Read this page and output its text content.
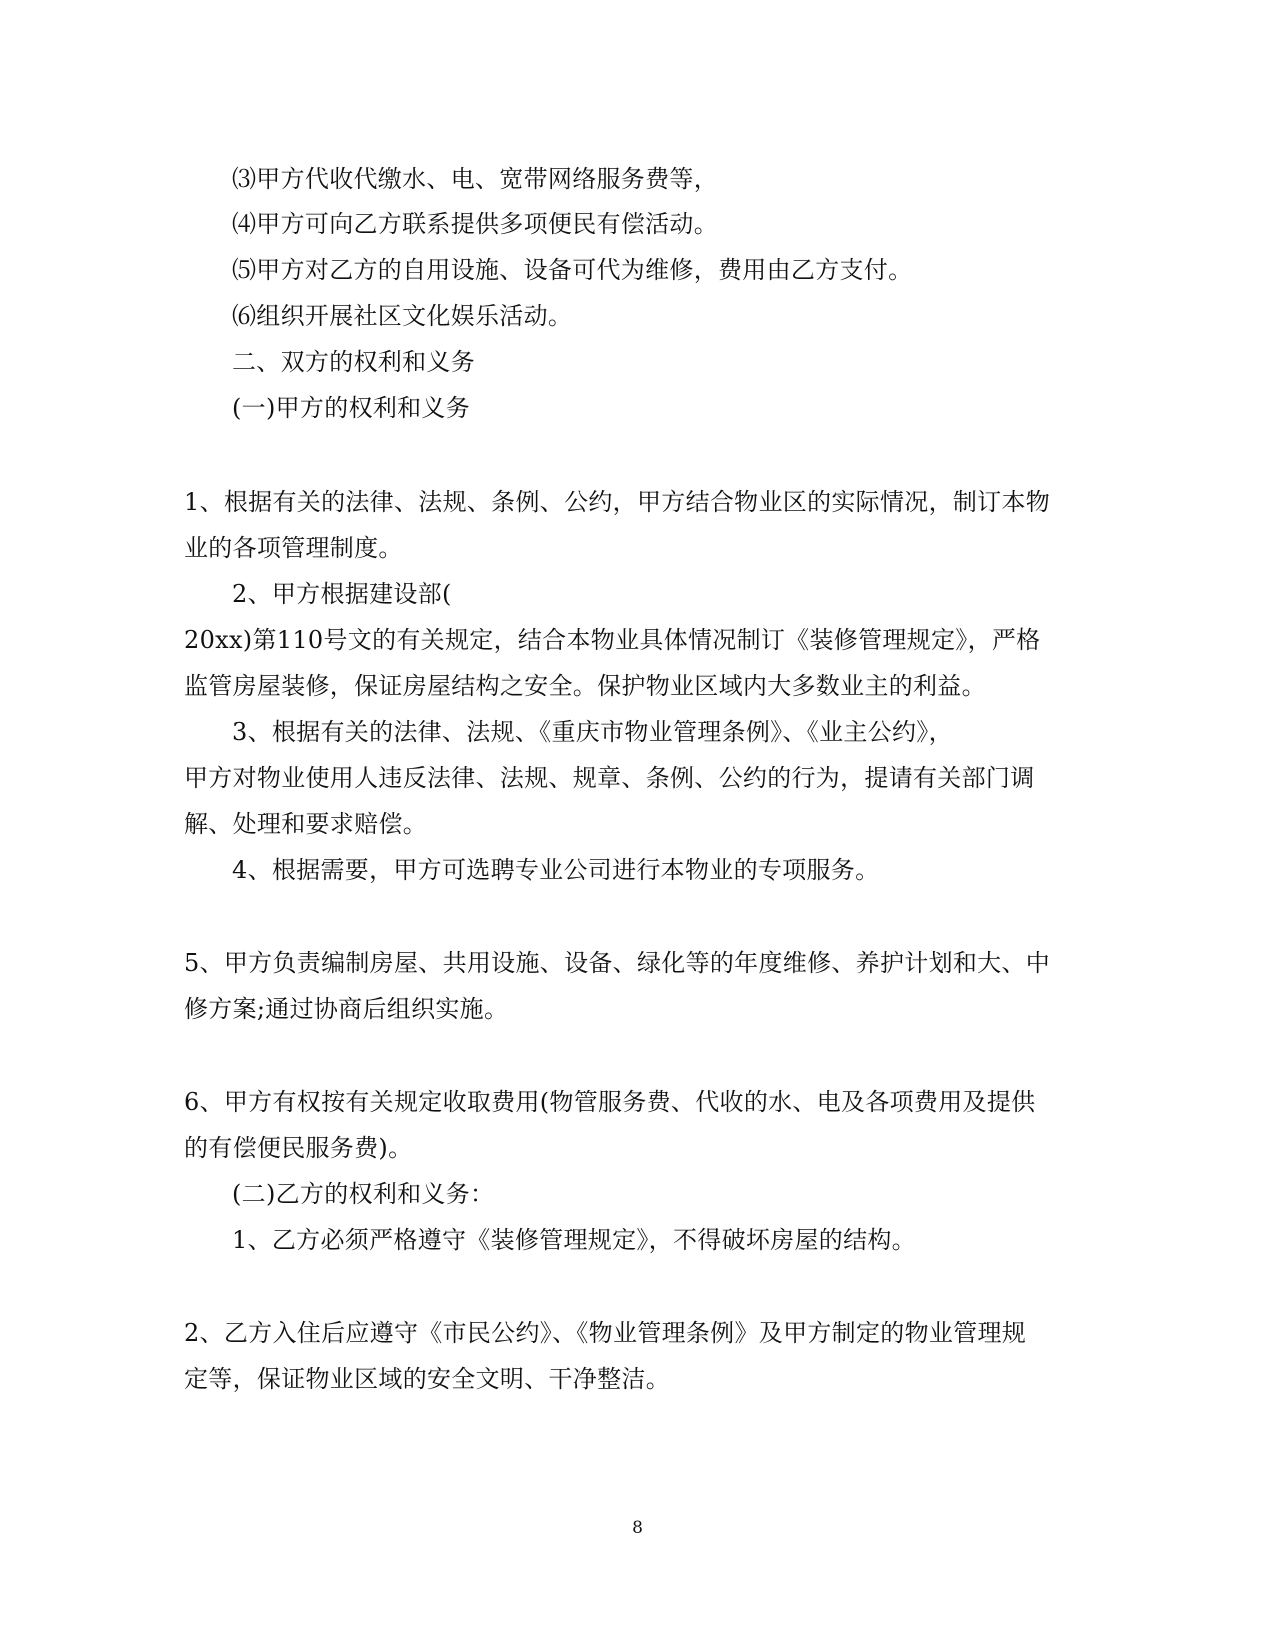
⑶甲方代收代缴水、电、宽带网络服务费等，
⑷甲方可向乙方联系提供多项便民有偿活动。
⑸甲方对乙方的自用设施、设备可代为维修，费用由乙方支付。
⑹组织开展社区文化娱乐活动。
二、双方的权利和义务
(一)甲方的权利和义务
1、根据有关的法律、法规、条例、公约，甲方结合物业区的实际情况，制订本物
业的各项管理制度。
2、甲方根据建设部(
20xx)第110号文的有关规定，结合本物业具体情况制订《装修管理规定》，严格
监管房屋装修，保证房屋结构之安全。保护物业区域内大多数业主的利益。
3、根据有关的法律、法规、《重庆市物业管理条例》、《业主公约》，
甲方对物业使用人违反法律、法规、规章、条例、公约的行为，提请有关部门调
解、处理和要求赔偿。
4、根据需要，甲方可选聘专业公司进行本物业的专项服务。
5、甲方负责编制房屋、共用设施、设备、绿化等的年度维修、养护计划和大、中
修方案;通过协商后组织实施。
6、甲方有权按有关规定收取费用(物管服务费、代收的水、电及各项费用及提供
的有偿便民服务费)。
(二)乙方的权利和义务：
1、乙方必须严格遵守《装修管理规定》，不得破坏房屋的结构。
2、乙方入住后应遵守《市民公约》、《物业管理条例》及甲方制定的物业管理规
定等，保证物业区域的安全文明、干净整洁。
8
